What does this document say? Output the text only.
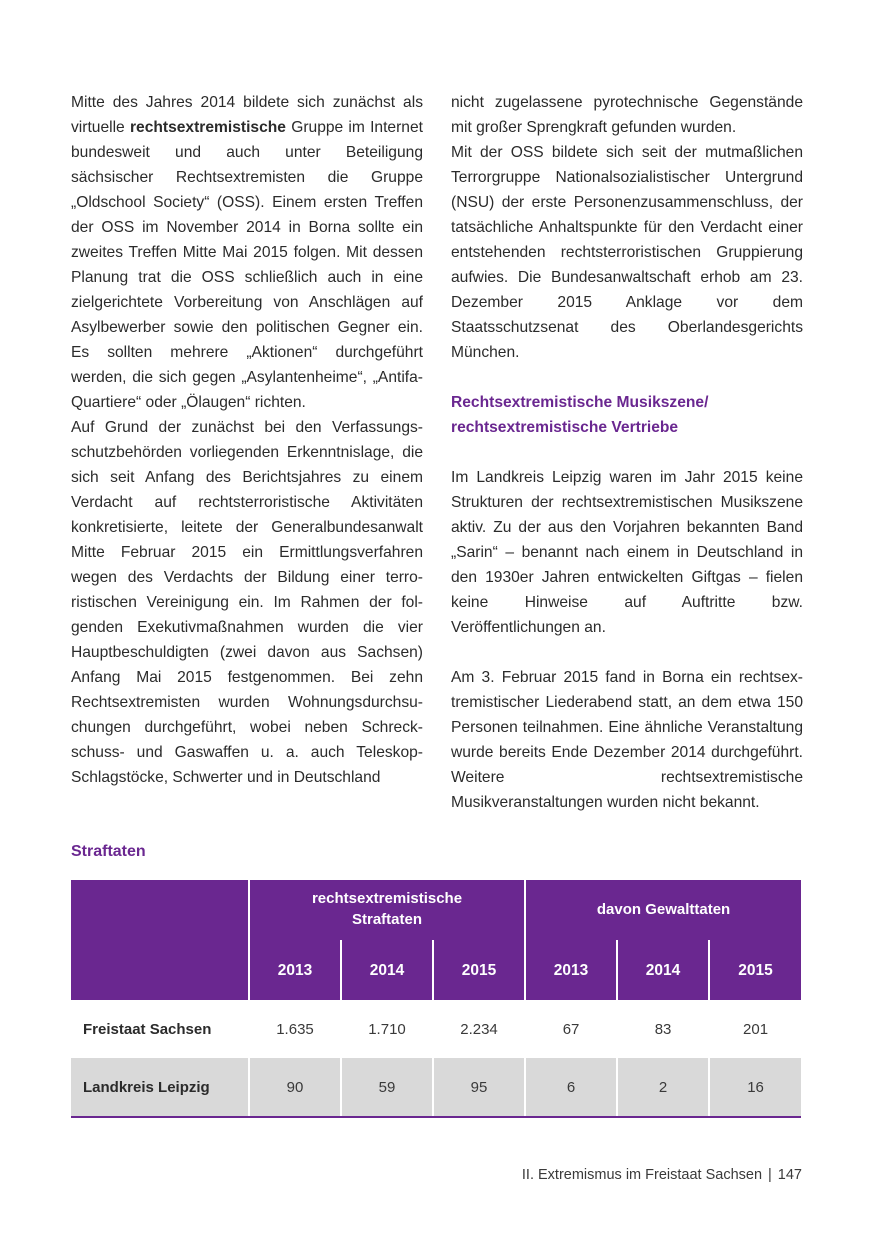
Mitte des Jahres 2014 bildete sich zunächst als virtuelle rechtsextremistische Gruppe im Internet bundesweit und auch unter Beteiligung sächsischer Rechtsextremisten die Gruppe „Oldschool Society“ (OSS). Einem ersten Treffen der OSS im November 2014 in Borna sollte ein zweites Treffen Mitte Mai 2015 folgen. Mit dessen Planung trat die OSS schließlich auch in eine zielgerichtete Vorbereitung von Anschlägen auf Asylbewerber sowie den politischen Gegner ein. Es sollten mehrere „Aktionen“ durchgeführt werden, die sich gegen „Asylantenheime“, „Antifa-Quartiere“ oder „Ölaugen“ richten.

Auf Grund der zunächst bei den Verfassungsschutzbehörden vorliegenden Erkenntnislage, die sich seit Anfang des Berichtsjahres zu einem Verdacht auf rechtsterroristische Aktivitäten konkretisierte, leitete der Generalbundesanwalt Mitte Februar 2015 ein Ermittlungsverfahren wegen des Verdachts der Bildung einer terroristischen Vereinigung ein. Im Rahmen der folgenden Exekutivmaßnahmen wurden die vier Hauptbeschuldigten (zwei davon aus Sachsen) Anfang Mai 2015 festgenommen. Bei zehn Rechtsextremisten wurden Wohnungsdurchsuchungen durchgeführt, wobei neben Schreckschuss- und Gaswaffen u. a. auch Teleskop-Schlagstöcke, Schwerter und in Deutschland

nicht zugelassene pyrotechnische Gegenstände mit großer Sprengkraft gefunden wurden.

Mit der OSS bildete sich seit der mutmaßlichen Terrorgruppe Nationalsozialistischer Untergrund (NSU) der erste Personenzusammenschluss, der tatsächliche Anhaltspunkte für den Verdacht einer entstehenden rechtsterroristischen Gruppierung aufwies. Die Bundesanwaltschaft erhob am 23. Dezember 2015 Anklage vor dem Staatsschutzsenat des Oberlandesgerichts München.

Rechtsextremistische Musikszene/
rechtsextremistische Vertriebe

Im Landkreis Leipzig waren im Jahr 2015 keine Strukturen der rechtsextremistischen Musikszene aktiv. Zu der aus den Vorjahren bekannten Band „Sarin“ – benannt nach einem in Deutschland in den 1930er Jahren entwickelten Giftgas – fielen keine Hinweise auf Auftritte bzw. Veröffentlichungen an.

Am 3. Februar 2015 fand in Borna ein rechtsextremistischer Liederabend statt, an dem etwa 150 Personen teilnahmen. Eine ähnliche Veranstaltung wurde bereits Ende Dezember 2014 durchgeführt. Weitere rechtsextremistische Musikveranstaltungen wurden nicht bekannt.

Straftaten

	rechtsextremistische
Straftaten			davon Gewalttaten		
	2013	2014	2015	2013	2014	2015
Freistaat Sachsen	1.635	1.710	2.234	67	83	201
Landkreis Leipzig	90	59	95	6	2	16
II. Extremismus im Freistaat Sachsen | 147
